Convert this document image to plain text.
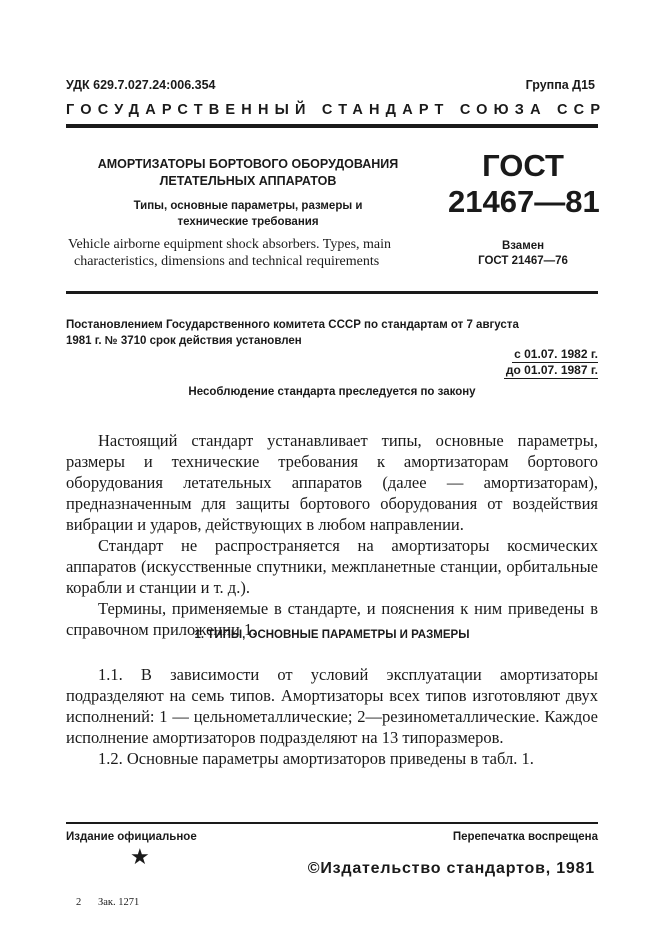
УДК 629.7.027.24:006.354	Группа Д15
ГОСУДАРСТВЕННЫЙ СТАНДАРТ СОЮЗА ССР
АМОРТИЗАТОРЫ БОРТОВОГО ОБОРУДОВАНИЯ
ЛЕТАТЕЛЬНЫХ АППАРАТОВ
Типы, основные параметры, размеры и
технические требования
Vehicle airborne equipment shock absorbers. Types, main
characteristics, dimensions and technical requirements
ГОСТ
21467—81
Взамен
ГОСТ 21467—76
Постановлением Государственного комитета СССР по стандартам от 7 августа
1981 г. № 3710 срок действия установлен
с 01.07. 1982 г.
до 01.07. 1987 г.
Несоблюдение стандарта преследуется по закону

Настоящий стандарт устанавливает типы, основные параметры, размеры и технические требования к амортизаторам бортового оборудования летательных аппаратов (далее — амортизаторам), предназначенным для защиты бортового оборудования от воздействия вибрации и ударов, действующих в любом направлении.

Стандарт не распространяется на амортизаторы космических аппаратов (искусственные спутники, межпланетные станции, орбитальные корабли и станции и т. д.).

Термины, применяемые в стандарте, и пояснения к ним приведены в справочном приложении 1.

1. ТИПЫ, ОСНОВНЫЕ ПАРАМЕТРЫ И РАЗМЕРЫ

1.1. В зависимости от условий эксплуатации амортизаторы подразделяют на семь типов. Амортизаторы всех типов изготовляют двух исполнений: 1 — цельнометаллические; 2—резинометаллические. Каждое исполнение амортизаторов подразделяют на 13 типоразмеров.

1.2. Основные параметры амортизаторов приведены в табл. 1.

Издание официальное	Перепечатка воспрещена
★	©Издательство стандартов, 1981
2 Зак. 1271
